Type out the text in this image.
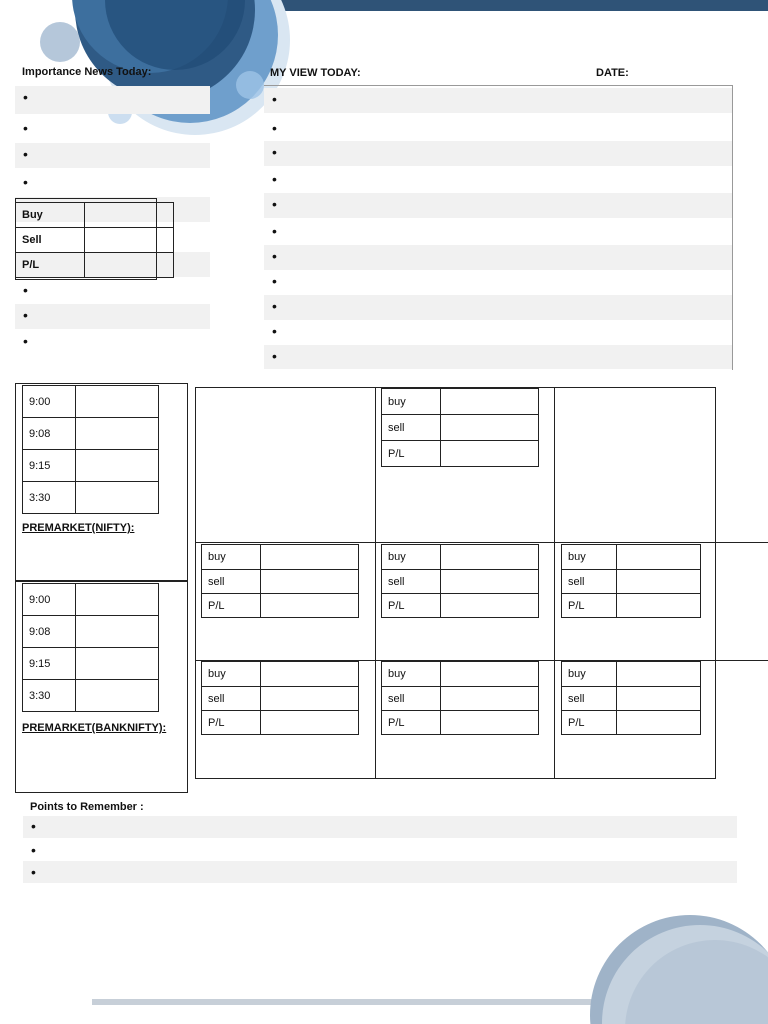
Importance News Today:	MY VIEW TODAY:	DATE:
•
•
•
•
•
•
•
Buy	
Sell	
P/L	
•
•
•
•
•
•
•
•
•
•
•
9:00	
9:08	
9:15	
3:30	
PREMARKET(NIFTY):
9:00	
9:08	
9:15	
3:30	
PREMARKET(BANKNIFTY):
buy	
sell	
P/L	
buy	
sell	
P/L	
buy	
sell	
P/L	
buy	
sell	
P/L	
buy	
sell	
P/L	
buy	
sell	
P/L	
buy	
sell	
P/L	
Points to Remember :
•
•
•
